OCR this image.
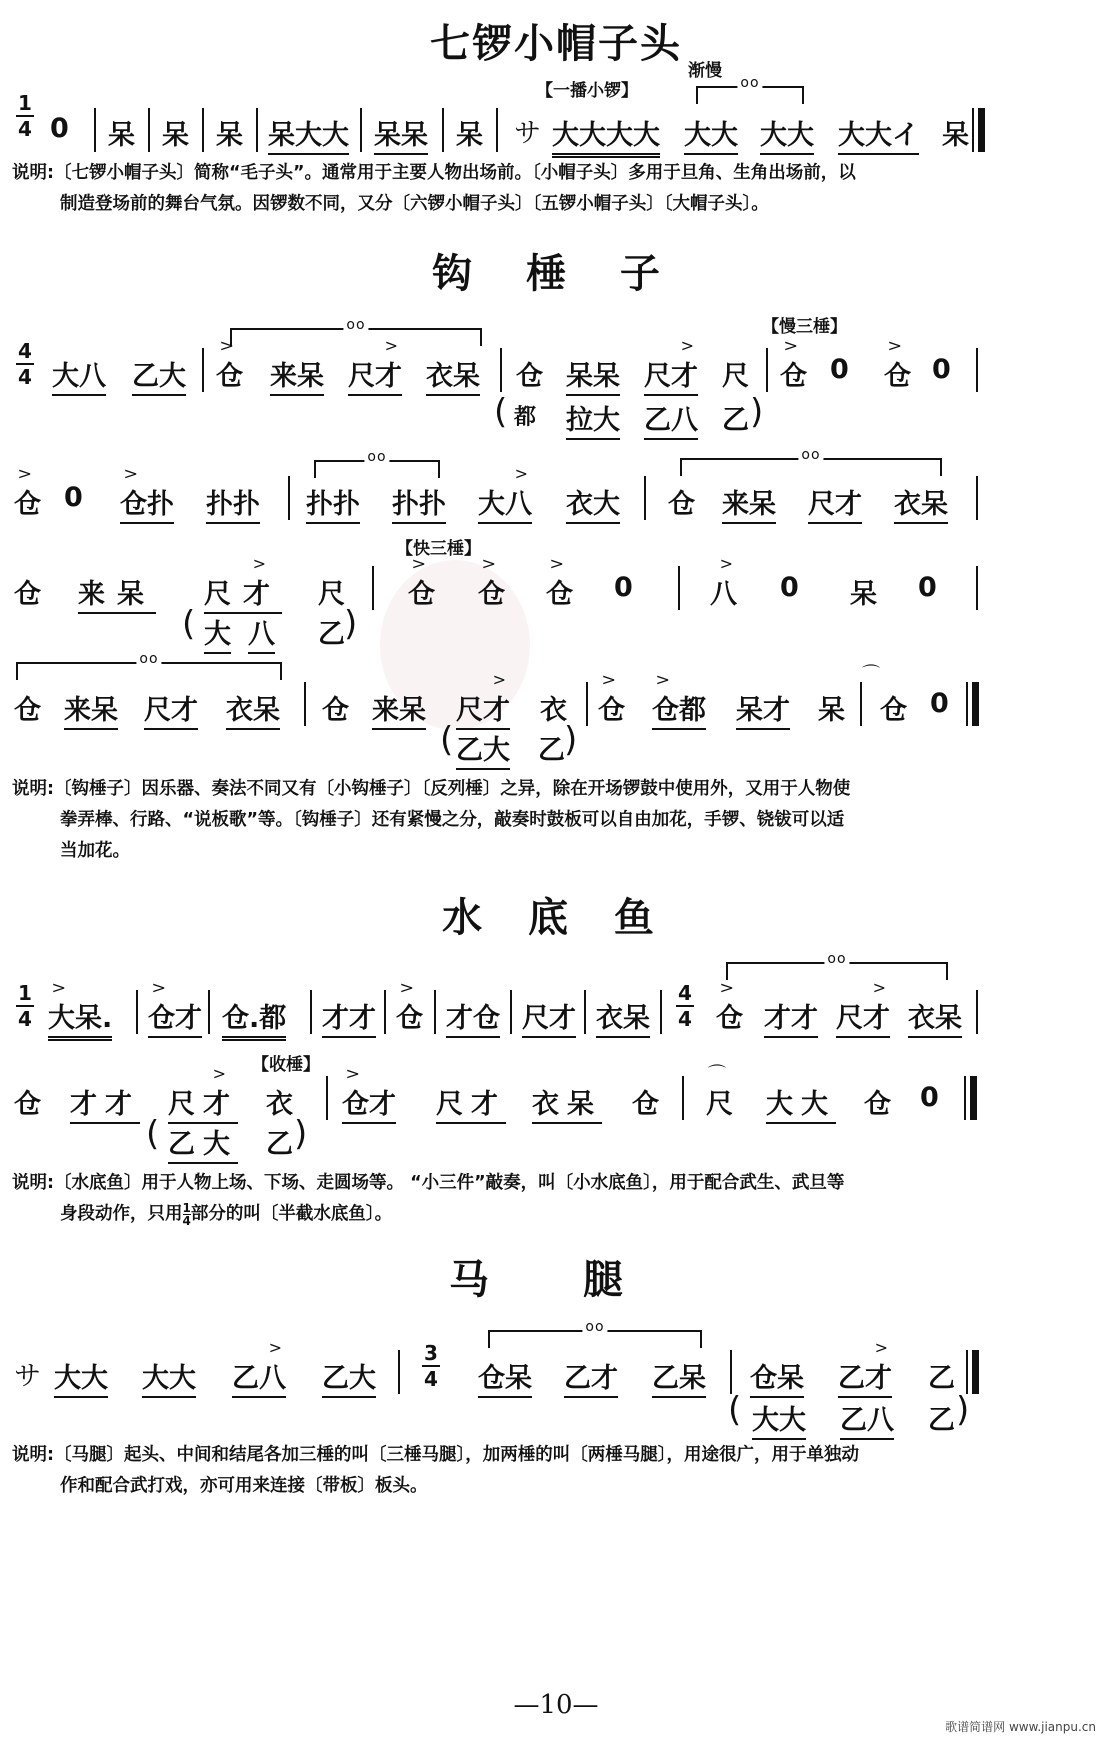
七锣小帽子头
1
4 0 呆 呆 呆 呆大大 呆呆 呆 サ
【一播小锣】
大大大大
渐慢
oo
大大 大大 大大イ 呆
说明:〔七锣小帽子头〕简称“毛子头”。通常用于主要人物出场前。〔小帽子头〕多用于旦角、生角出场前，以
制造登场前的舞台气氛。因锣数不同，又分〔六锣小帽子头〕〔五锣小帽子头〕〔大帽子头〕。
钩 棰 子
4
4 大八 乙大
oo
> 仓 来呆 > 尺才 衣呆 仓 呆呆 > 尺才 尺
【慢三棰】
> 仓 0 > 仓 0
( 都 拉大 乙八 乙 )
> 仓 0 > 仓扑 扑扑
oo
扑扑 扑扑 > 大八 衣大
oo
仓 来呆 尺才 衣呆
仓 来呆 > 尺才 尺
【快三棰】
> 仓 > 仓 > 仓 0	> 八 0 呆 0
( 大 八 乙 )
oo
仓 来呆 尺才 衣呆 仓 来呆 > 尺才 衣 > 仓 > 仓都 呆才 呆 ⌒ 仓 0
( 乙大 乙 )
说明:〔钩棰子〕因乐器、奏法不同又有〔小钩棰子〕〔反列棰〕之异，除在开场锣鼓中使用外，又用于人物使
拳弄棒、行路、“说板歌”等。〔钩棰子〕还有紧慢之分，敲奏时鼓板可以自由加花，手锣、铙钹可以适
当加花。
水 底 鱼
1
4 > 大呆. > 仓才 仓.都 才才 > 仓 才仓 尺才 衣呆
4
4
oo
> 仓 才才 > 尺才 衣呆
【收棰】
仓 才才 > 尺才 衣 > 仓才 尺才 衣呆 仓 ⌒ 尺 大大 仓 0
( 乙大 乙 )
说明:〔水底鱼〕用于人物上场、下场、走圆场等。 “小三件”敲奏，叫〔小水底鱼〕，用于配合武生、武旦等
身段动作，只用$\frac{1}{4}$部分的叫〔半截水底鱼〕。
马 腿
サ 大大 大大 > 乙八 乙大
3
4
oo
仓呆 乙才 乙呆 仓呆 > 乙才 乙
( 大大 乙八 乙 )
说明:〔马腿〕起头、中间和结尾各加三棰的叫〔三棰马腿〕，加两棰的叫〔两棰马腿〕，用途很广，用于单独动
作和配合武打戏，亦可用来连接〔带板〕板头。
—10—
歌谱简谱网 www.jianpu.cn
